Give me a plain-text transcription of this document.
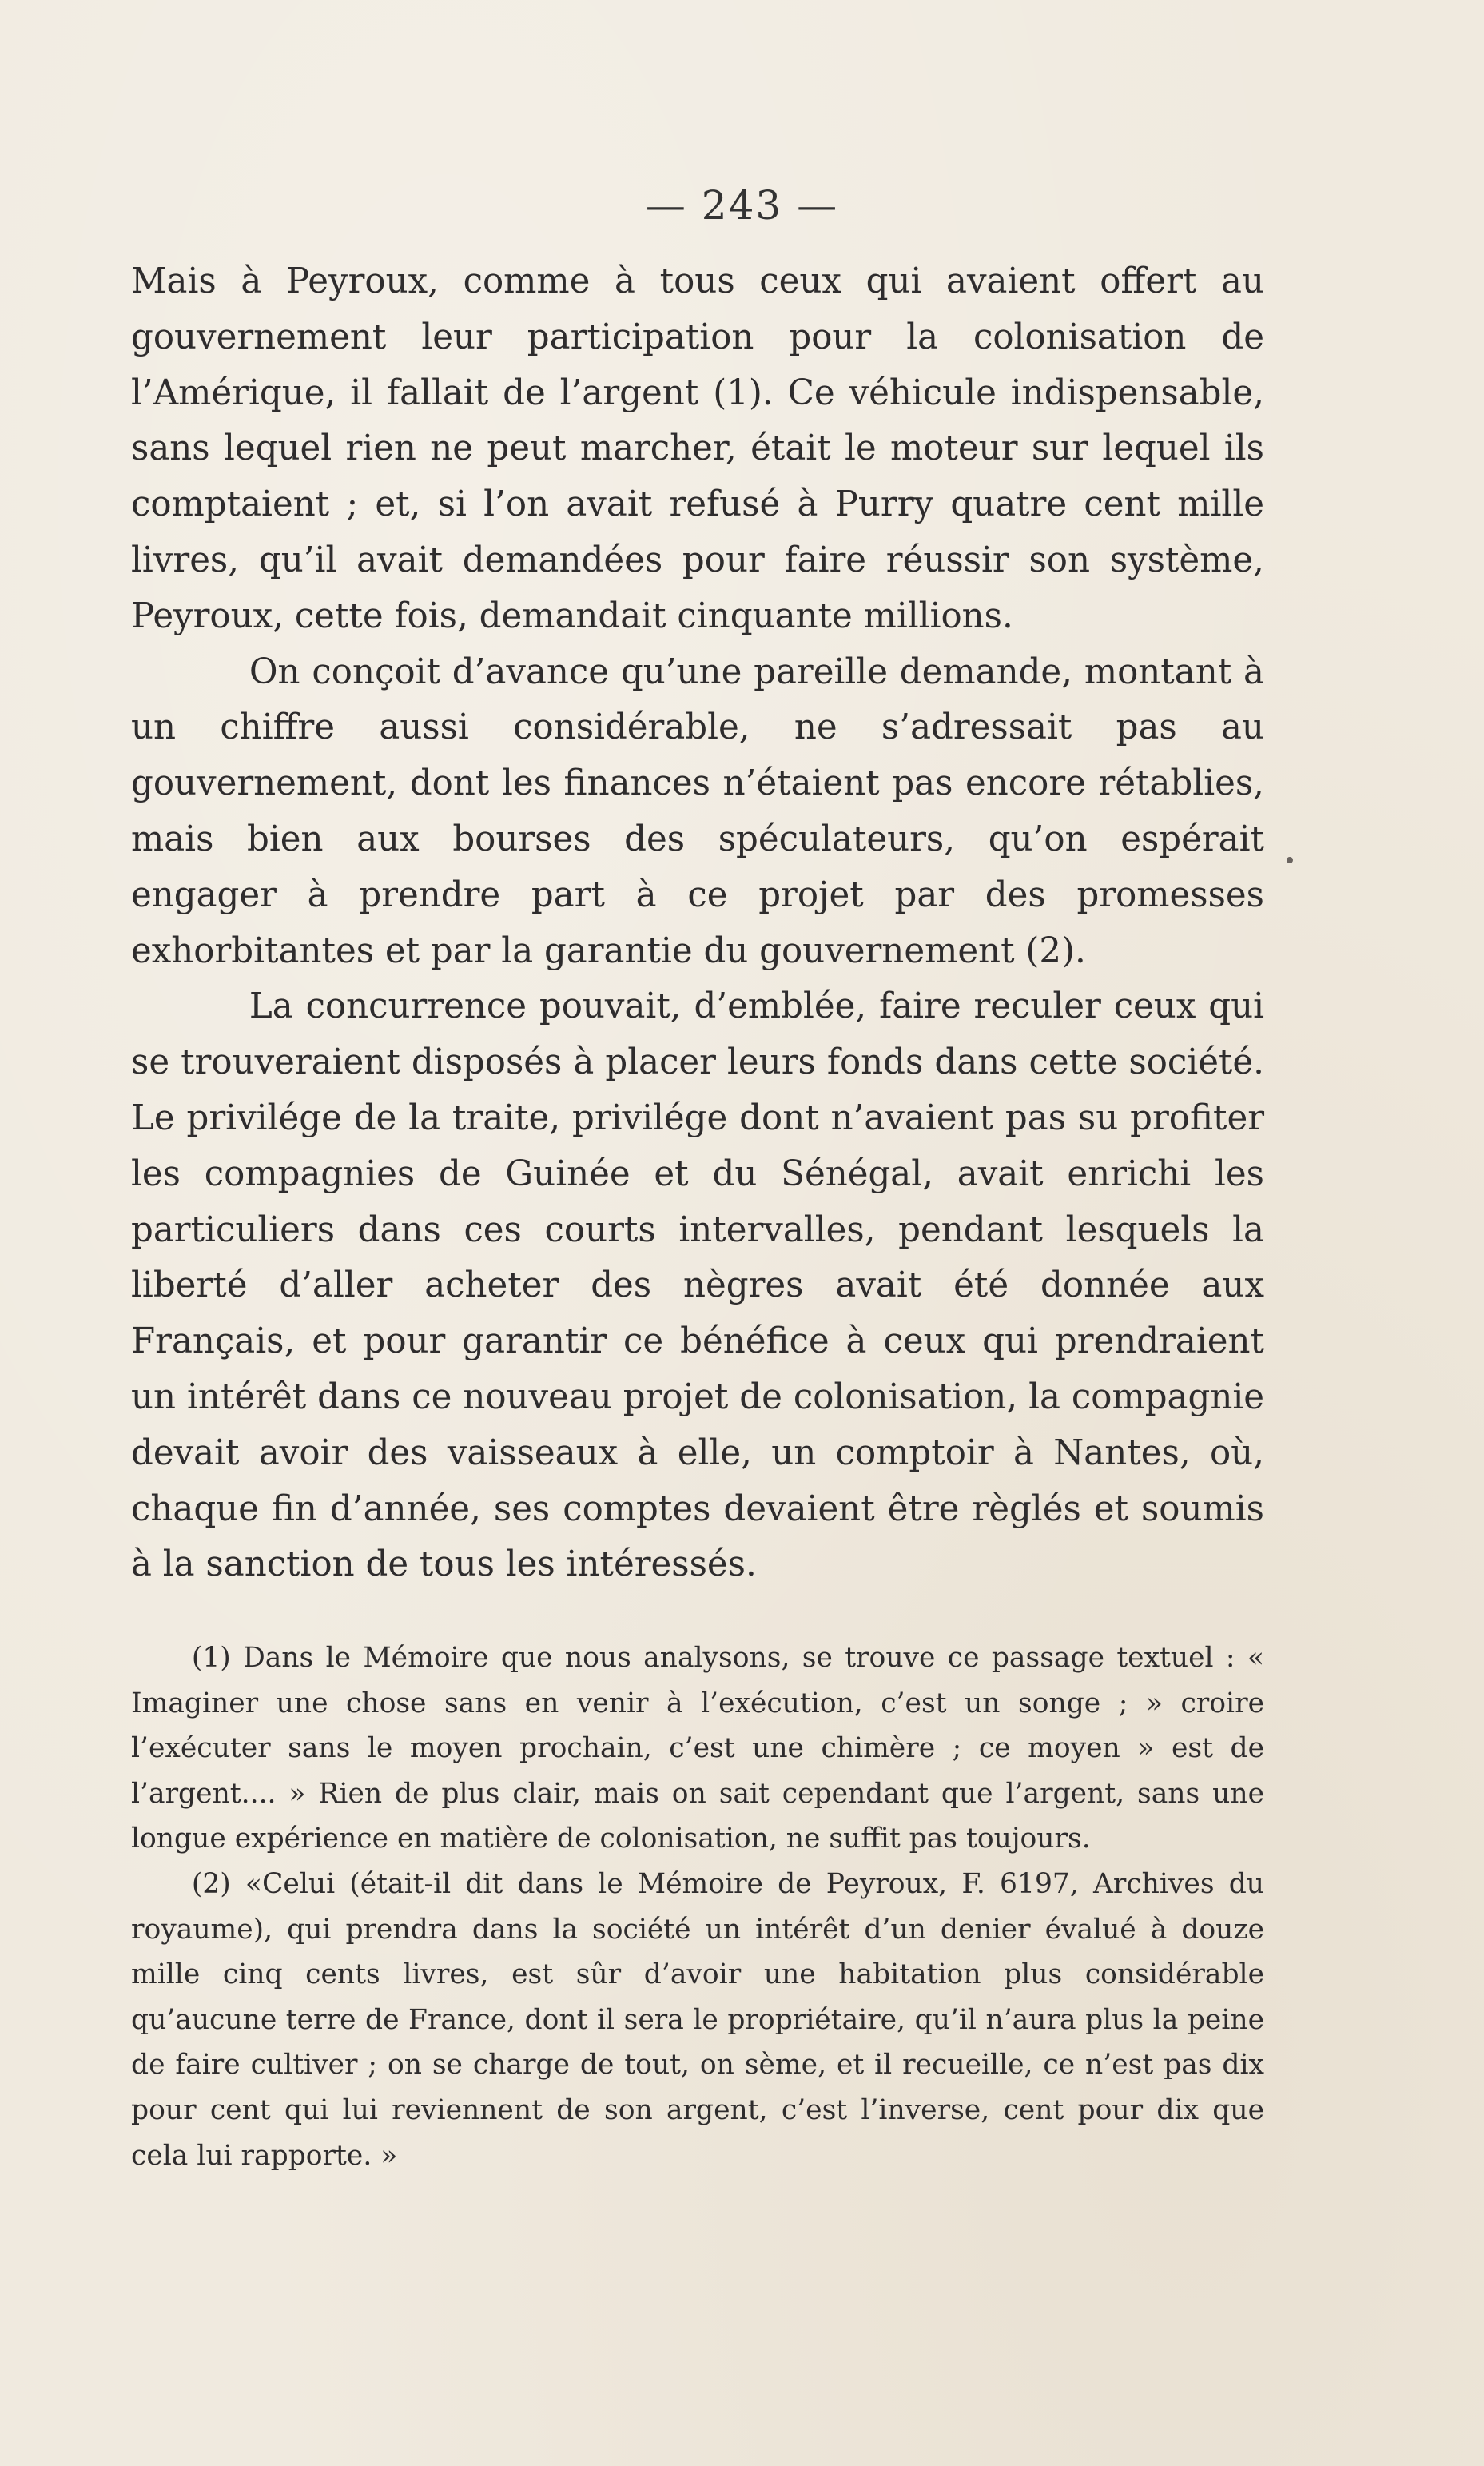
— 243 —

Mais à Peyroux, comme à tous ceux qui avaient offert au gouvernement leur participation pour la colonisation de l’Amérique, il fallait de l’argent (1). Ce véhicule indispensable, sans lequel rien ne peut marcher, était le moteur sur lequel ils comptaient ; et, si l’on avait refusé à Purry quatre cent mille livres, qu’il avait demandées pour faire réussir son système, Peyroux, cette fois, demandait cinquante millions.

On conçoit d’avance qu’une pareille demande, montant à un chiffre aussi considérable, ne s’adressait pas au gouvernement, dont les finances n’étaient pas encore rétablies, mais bien aux bourses des spéculateurs, qu’on espérait engager à prendre part à ce projet par des promesses exhorbitantes et par la garantie du gouvernement (2).

La concurrence pouvait, d’emblée, faire reculer ceux qui se trouveraient disposés à placer leurs fonds dans cette société. Le privilége de la traite, privilége dont n’avaient pas su profiter les compagnies de Guinée et du Sénégal, avait enrichi les particuliers dans ces courts intervalles, pendant lesquels la liberté d’aller acheter des nègres avait été donnée aux Français, et pour garantir ce bénéfice à ceux qui prendraient un intérêt dans ce nouveau projet de colonisation, la compagnie devait avoir des vaisseaux à elle, un comptoir à Nantes, où, chaque fin d’année, ses comptes devaient être règlés et soumis à la sanction de tous les intéressés.

(1) Dans le Mémoire que nous analysons, se trouve ce passage textuel : « Imaginer une chose sans en venir à l’exécution, c’est un songe ; » croire l’exécuter sans le moyen prochain, c’est une chimère ; ce moyen » est de l’argent.... » Rien de plus clair, mais on sait cependant que l’argent, sans une longue expérience en matière de colonisation, ne suffit pas toujours.

(2) «Celui (était-il dit dans le Mémoire de Peyroux, F. 6197, Archives du royaume), qui prendra dans la société un intérêt d’un denier évalué à douze mille cinq cents livres, est sûr d’avoir une habitation plus considérable qu’aucune terre de France, dont il sera le propriétaire, qu’il n’aura plus la peine de faire cultiver ; on se charge de tout, on sème, et il recueille, ce n’est pas dix pour cent qui lui reviennent de son argent, c’est l’inverse, cent pour dix que cela lui rapporte. »
